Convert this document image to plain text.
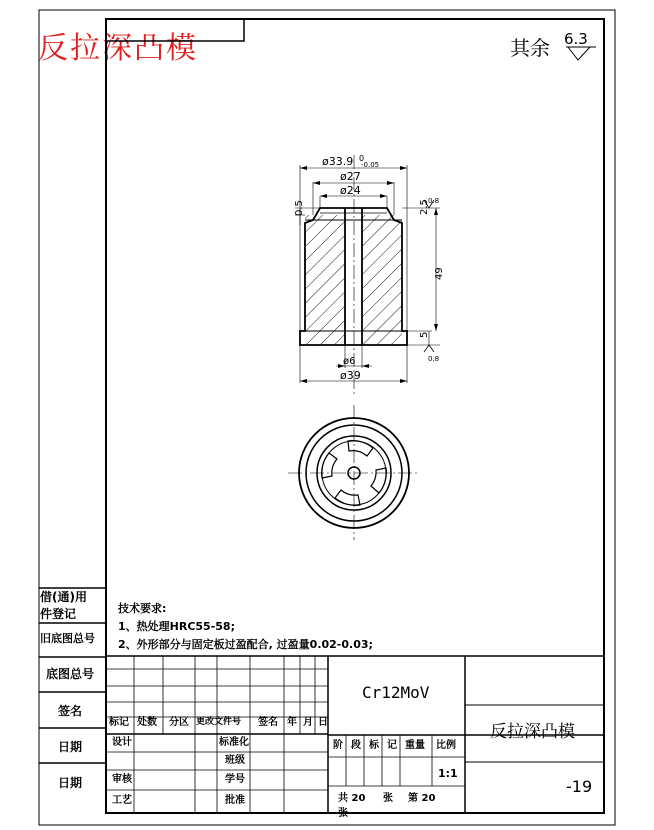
反拉深凸模	其余 6.3
ø33.9 0
-0.05
ø27
ø24
0.5	2.5
0.8
49
5
0.8
ø6
ø39
借(通)用
件登记
旧底图总号
底图总号
签名
日期
日期
技术要求:
1、热处理HRC55-58;
2、外形部分与固定板过盈配合, 过盈量0.02-0.03;
Cr12MoV
反拉深凸模
-19
标记 处数 分区 更改文件号 签名 年 月 日
设计	标准化
班级
审核	学号
工艺	批准
阶 段 标 记 重量 比例
1:1
共 20 张 第 20
张
